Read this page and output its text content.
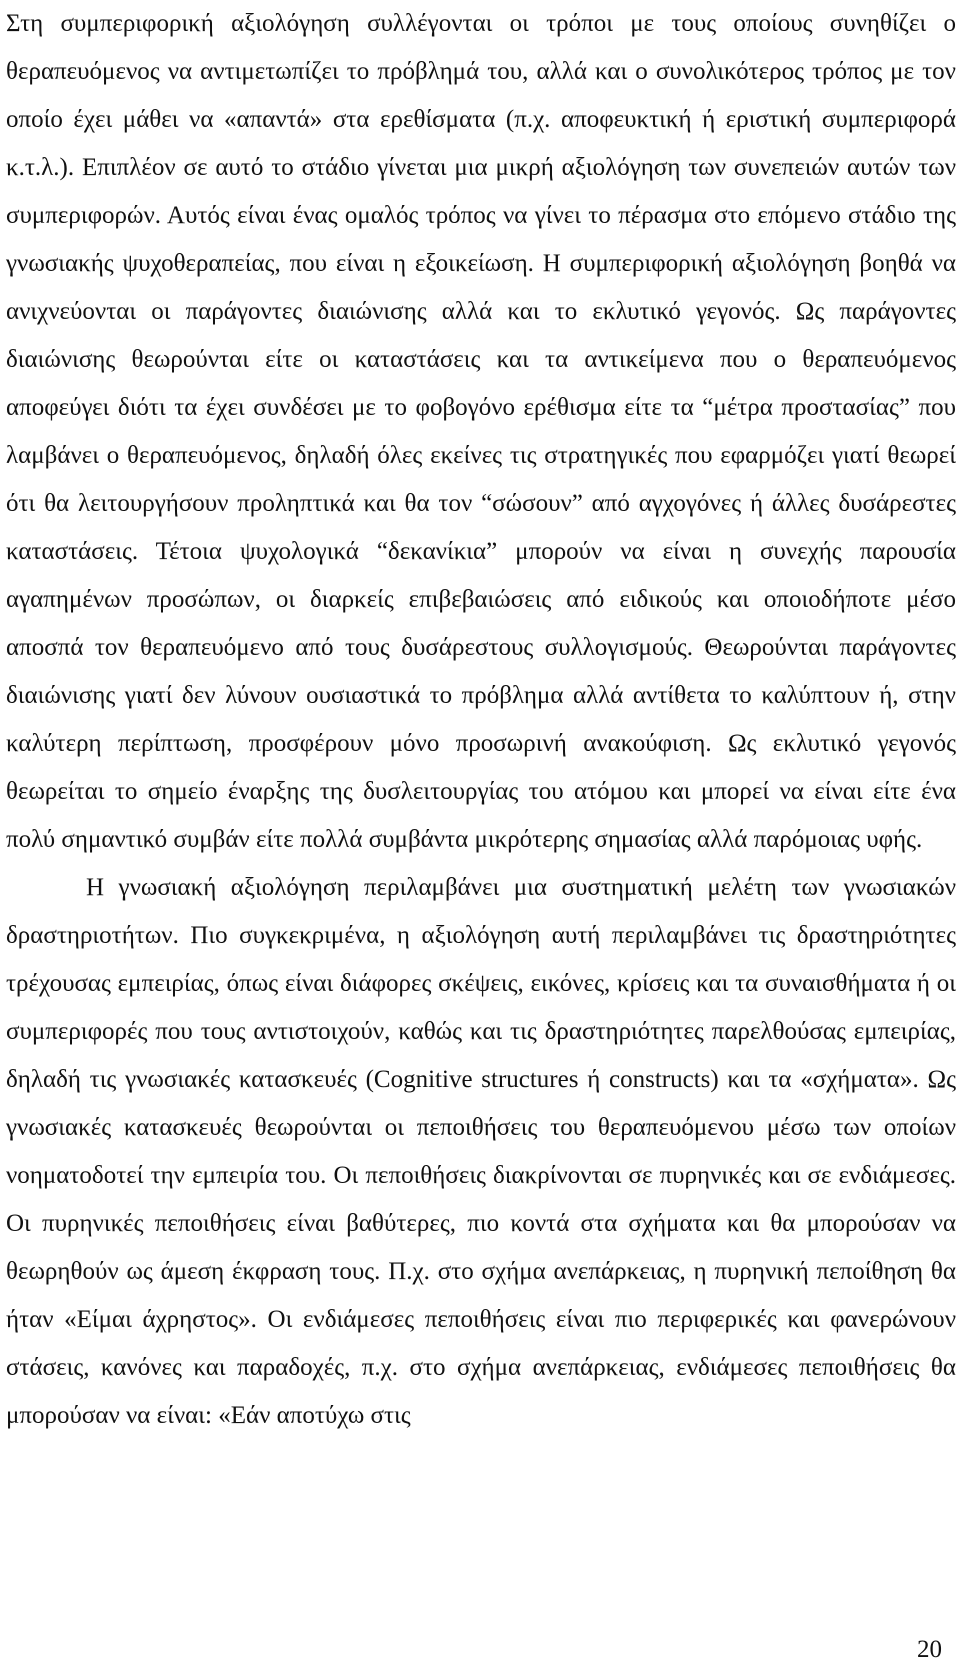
Στη συμπεριφορική αξιολόγηση συλλέγονται οι τρόποι με τους οποίους συνηθίζει ο θεραπευόμενος να αντιμετωπίζει το πρόβλημά του, αλλά και ο συνολικότερος τρόπος με τον οποίο έχει μάθει να «απαντά» στα ερεθίσματα (π.χ. αποφευκτική ή εριστική συμπεριφορά κ.τ.λ.). Επιπλέον σε αυτό το στάδιο γίνεται μια μικρή αξιολόγηση των συνεπειών αυτών των συμπεριφορών. Αυτός είναι ένας ομαλός τρόπος να γίνει το πέρασμα στο επόμενο στάδιο της γνωσιακής ψυχοθεραπείας, που είναι η εξοικείωση. Η συμπεριφορική αξιολόγηση βοηθά να ανιχνεύονται οι παράγοντες διαιώνισης αλλά και το εκλυτικό γεγονός. Ως παράγοντες διαιώνισης θεωρούνται είτε οι καταστάσεις και τα αντικείμενα που ο θεραπευόμενος αποφεύγει διότι τα έχει συνδέσει με το φοβογόνο ερέθισμα είτε τα “μέτρα προστασίας” που λαμβάνει ο θεραπευόμενος, δηλαδή όλες εκείνες τις στρατηγικές που εφαρμόζει γιατί θεωρεί ότι θα λειτουργήσουν προληπτικά και θα τον “σώσουν” από αγχογόνες ή άλλες δυσάρεστες καταστάσεις. Τέτοια ψυχολογικά “δεκανίκια” μπορούν να είναι η συνεχής παρουσία αγαπημένων προσώπων, οι διαρκείς επιβεβαιώσεις από ειδικούς και οποιοδήποτε μέσο αποσπά τον θεραπευόμενο από τους δυσάρεστους συλλογισμούς. Θεωρούνται παράγοντες διαιώνισης γιατί δεν λύνουν ουσιαστικά το πρόβλημα αλλά αντίθετα το καλύπτουν ή, στην καλύτερη περίπτωση, προσφέρουν μόνο προσωρινή ανακούφιση. Ως εκλυτικό γεγονός θεωρείται το σημείο έναρξης της δυσλειτουργίας του ατόμου και μπορεί να είναι είτε ένα πολύ σημαντικό συμβάν είτε πολλά συμβάντα μικρότερης σημασίας αλλά παρόμοιας υφής.

Η γνωσιακή αξιολόγηση περιλαμβάνει μια συστηματική μελέτη των γνωσιακών δραστηριοτήτων. Πιο συγκεκριμένα, η αξιολόγηση αυτή περιλαμβάνει τις δραστηριότητες τρέχουσας εμπειρίας, όπως είναι διάφορες σκέψεις, εικόνες, κρίσεις και τα συναισθήματα ή οι συμπεριφορές που τους αντιστοιχούν, καθώς και τις δραστηριότητες παρελθούσας εμπειρίας, δηλαδή τις γνωσιακές κατασκευές (Cognitive structures ή constructs) και τα «σχήματα». Ως γνωσιακές κατασκευές θεωρούνται οι πεποιθήσεις του θεραπευόμενου μέσω των οποίων νοηματοδοτεί την εμπειρία του. Οι πεποιθήσεις διακρίνονται σε πυρηνικές και σε ενδιάμεσες. Οι πυρηνικές πεποιθήσεις είναι βαθύτερες, πιο κοντά στα σχήματα και θα μπορούσαν να θεωρηθούν ως άμεση έκφραση τους. Π.χ. στο σχήμα ανεπάρκειας, η πυρηνική πεποίθηση θα ήταν «Είμαι άχρηστος». Οι ενδιάμεσες πεποιθήσεις είναι πιο περιφερικές και φανερώνουν στάσεις, κανόνες και παραδοχές, π.χ. στο σχήμα ανεπάρκειας, ενδιάμεσες πεποιθήσεις θα μπορούσαν να είναι: «Εάν αποτύχω στις

20
